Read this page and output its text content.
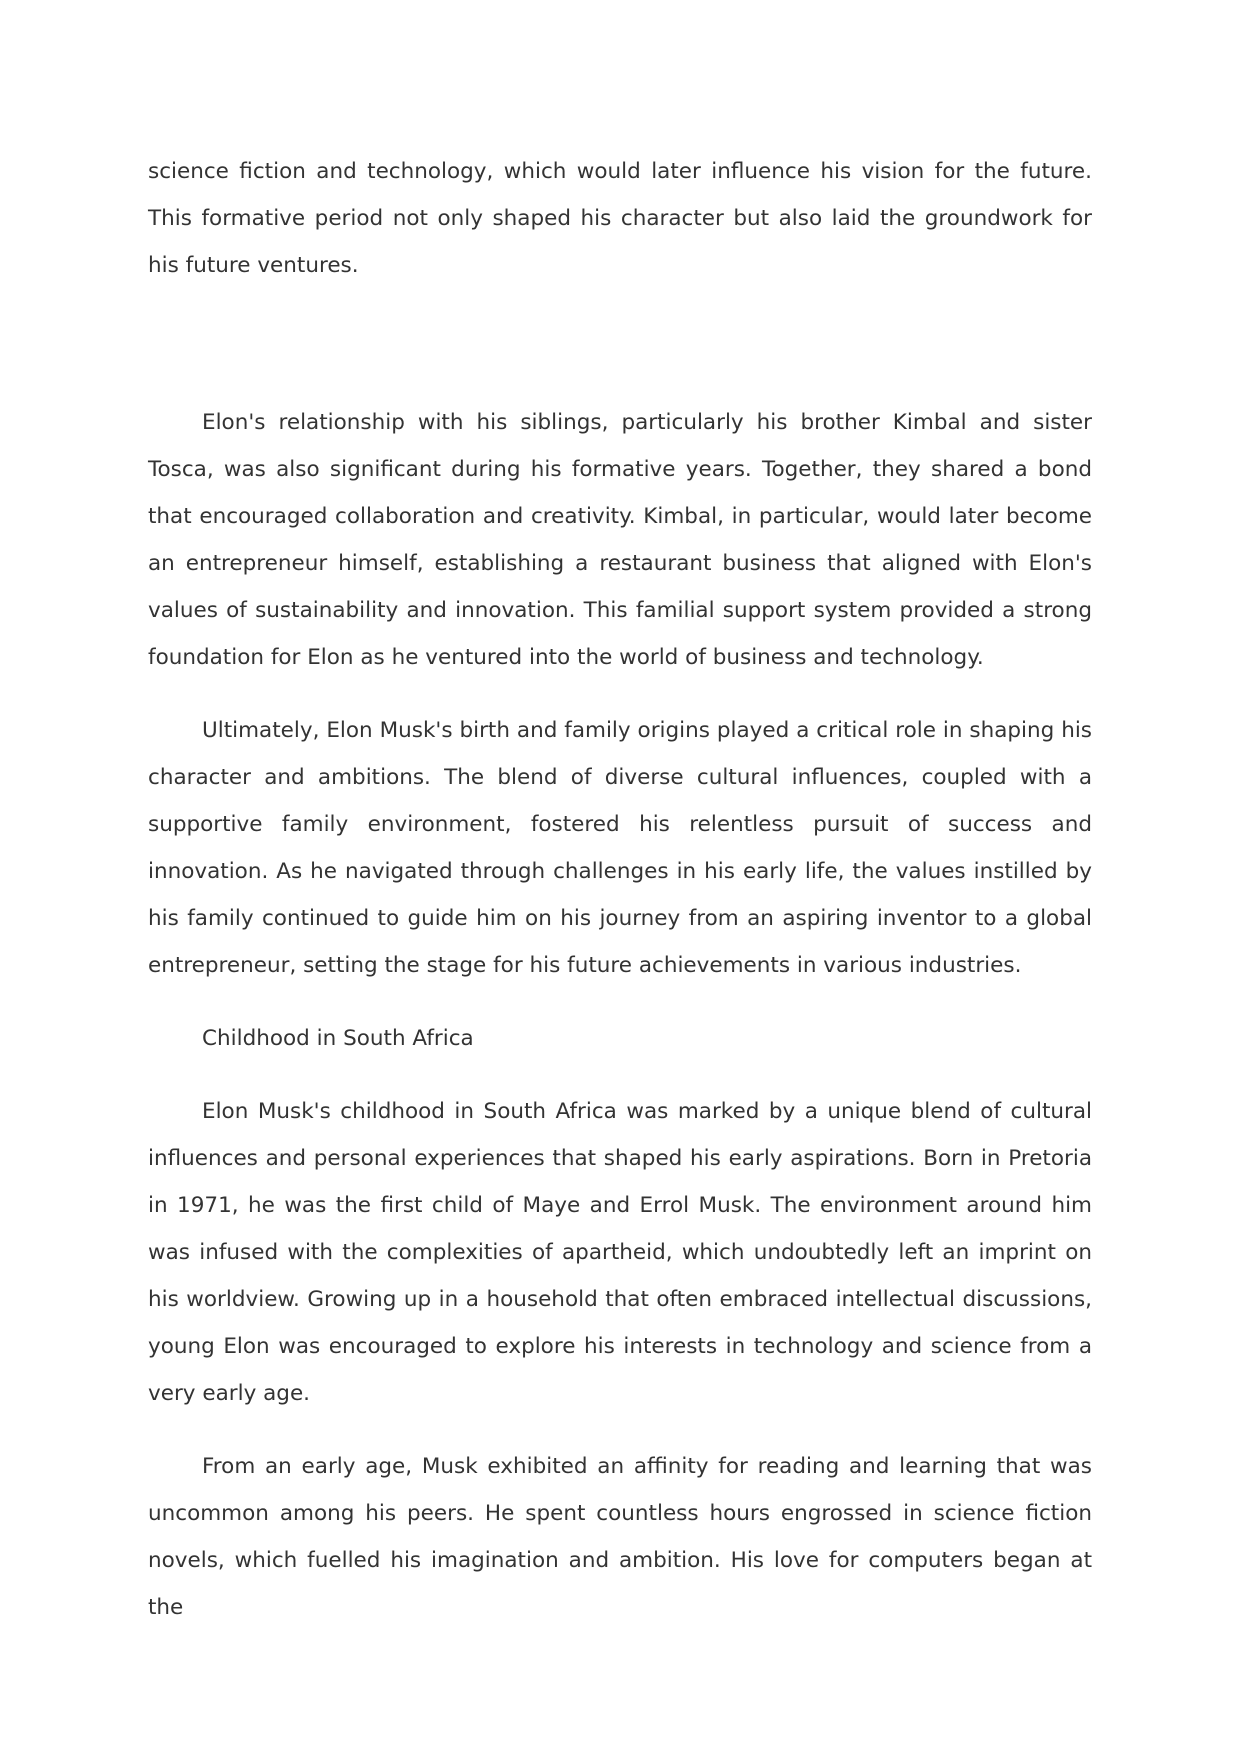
science fiction and technology, which would later influence his vision for the future. This formative period not only shaped his character but also laid the groundwork for his future ventures.

Elon's relationship with his siblings, particularly his brother Kimbal and sister Tosca, was also significant during his formative years. Together, they shared a bond that encouraged collaboration and creativity. Kimbal, in particular, would later become an entrepreneur himself, establishing a restaurant business that aligned with Elon's values of sustainability and innovation. This familial support system provided a strong foundation for Elon as he ventured into the world of business and technology.

Ultimately, Elon Musk's birth and family origins played a critical role in shaping his character and ambitions. The blend of diverse cultural influences, coupled with a supportive family environment, fostered his relentless pursuit of success and innovation. As he navigated through challenges in his early life, the values instilled by his family continued to guide him on his journey from an aspiring inventor to a global entrepreneur, setting the stage for his future achievements in various industries.

Childhood in South Africa

Elon Musk's childhood in South Africa was marked by a unique blend of cultural influences and personal experiences that shaped his early aspirations. Born in Pretoria in 1971, he was the first child of Maye and Errol Musk. The environment around him was infused with the complexities of apartheid, which undoubtedly left an imprint on his worldview. Growing up in a household that often embraced intellectual discussions, young Elon was encouraged to explore his interests in technology and science from a very early age.

From an early age, Musk exhibited an affinity for reading and learning that was uncommon among his peers. He spent countless hours engrossed in science fiction novels, which fuelled his imagination and ambition. His love for computers began at the
